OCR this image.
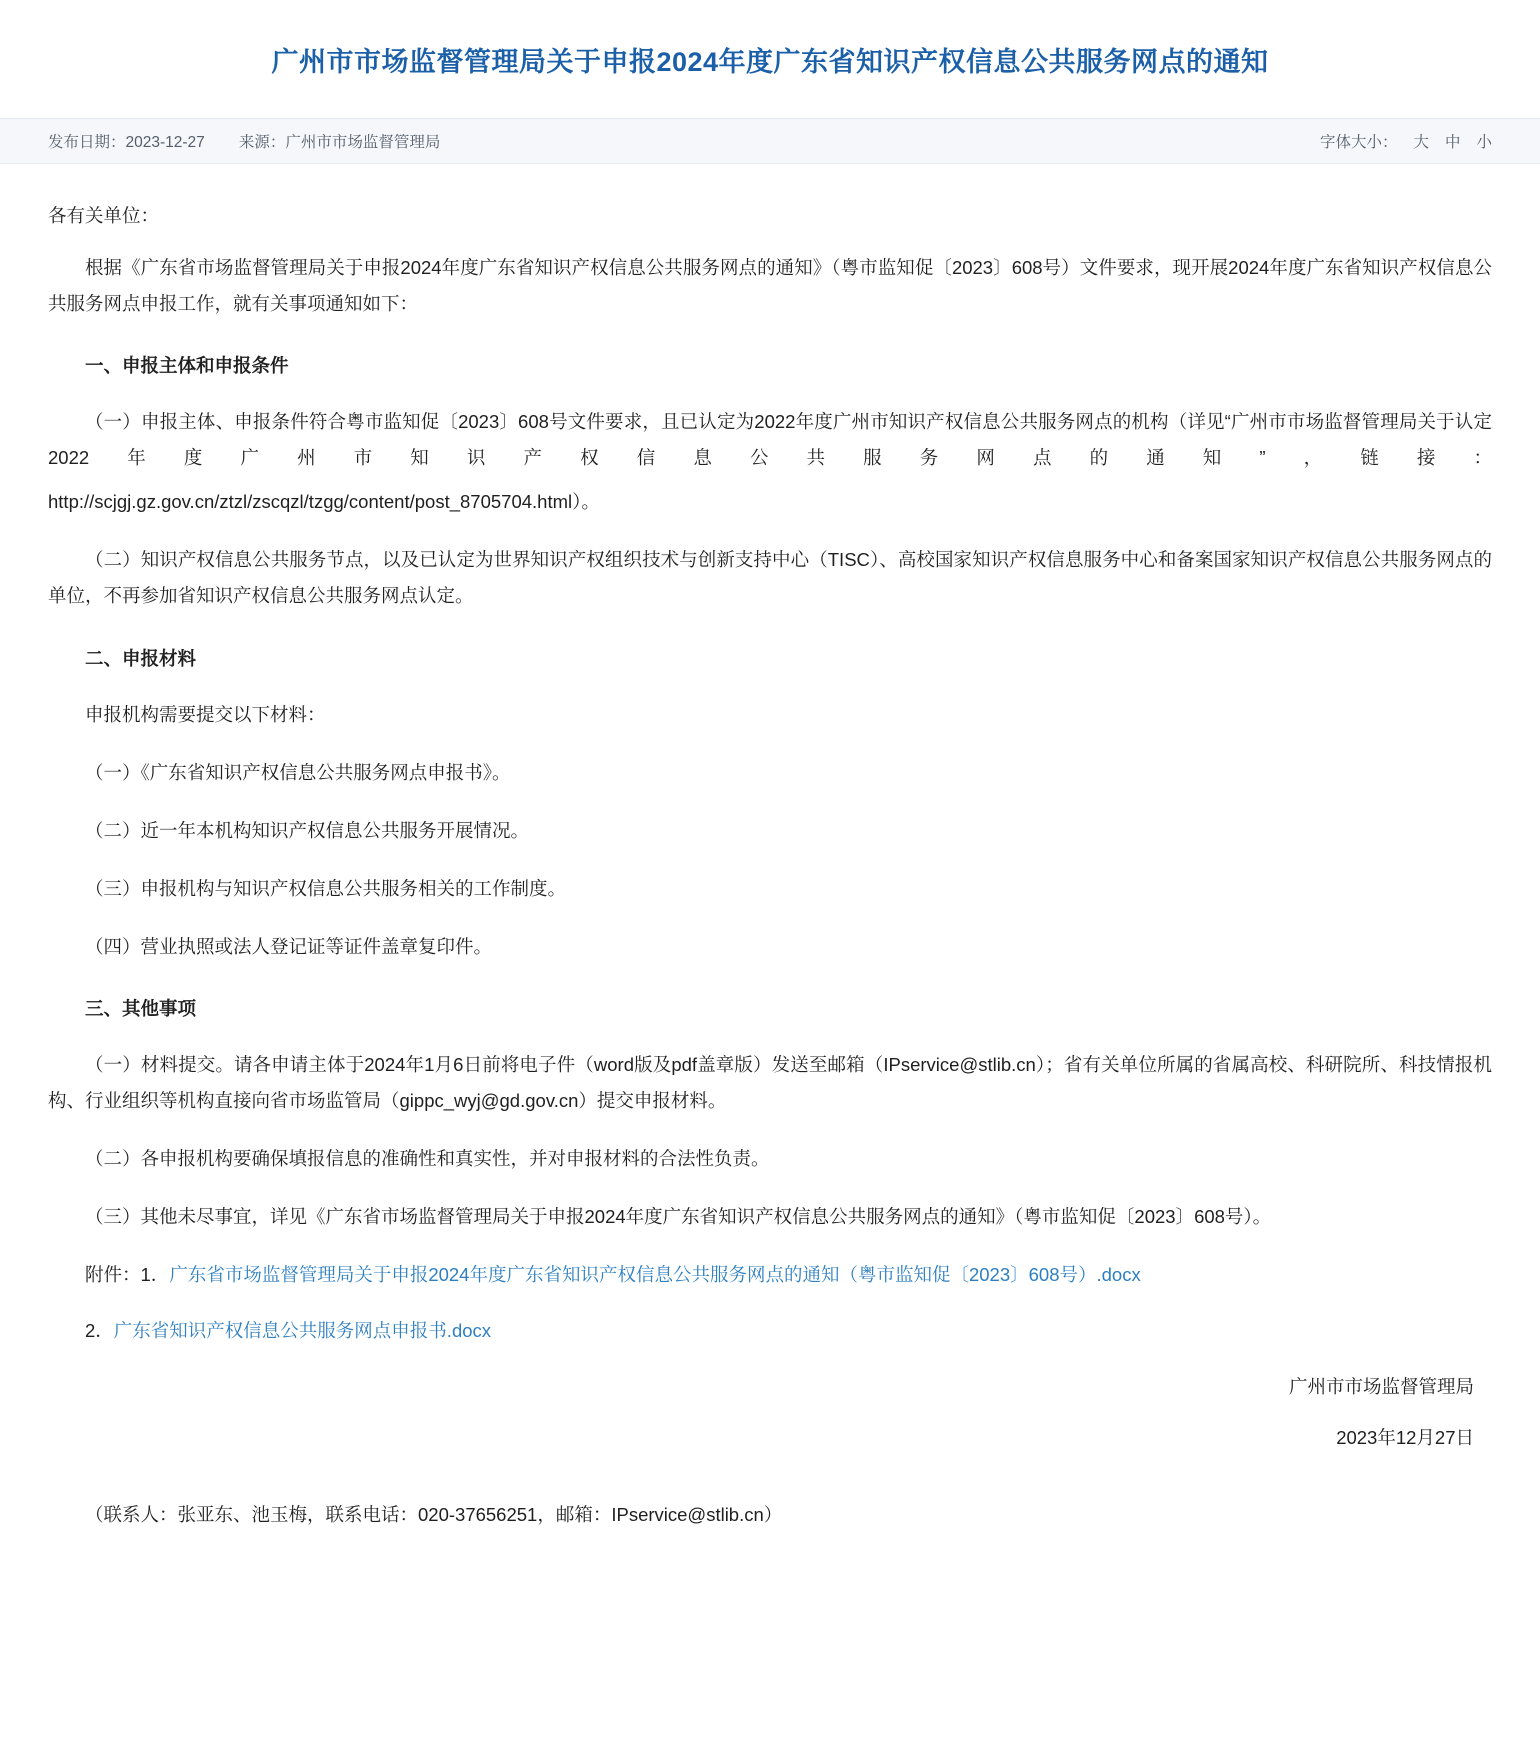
广州市市场监督管理局关于申报2024年度广东省知识产权信息公共服务网点的通知
发布日期：2023-12-27 来源：广州市市场监督管理局	字体大小： 大 中 小

各有关单位：

根据《广东省市场监督管理局关于申报2024年度广东省知识产权信息公共服务网点的通知》（粤市监知促〔2023〕608号）文件要求，现开展2024年度广东省知识产权信息公共服务网点申报工作，就有关事项通知如下：

一、申报主体和申报条件

（一）申报主体、申报条件符合粤市监知促〔2023〕608号文件要求，且已认定为2022年度广州市知识产权信息公共服务网点的机构（详见“广州市市场监督管理局关于认定2022年度广州市知识产权信息公共服务网点的通知”，链接：

http://scjgj.gz.gov.cn/ztzl/zscqzl/tzgg/content/post_8705704.html）。

（二）知识产权信息公共服务节点，以及已认定为世界知识产权组织技术与创新支持中心（TISC）、高校国家知识产权信息服务中心和备案国家知识产权信息公共服务网点的单位，不再参加省知识产权信息公共服务网点认定。

二、申报材料

申报机构需要提交以下材料：

（一）《广东省知识产权信息公共服务网点申报书》。

（二）近一年本机构知识产权信息公共服务开展情况。

（三）申报机构与知识产权信息公共服务相关的工作制度。

（四）营业执照或法人登记证等证件盖章复印件。

三、其他事项

（一）材料提交。请各申请主体于2024年1月6日前将电子件（word版及pdf盖章版）发送至邮箱（IPservice@stlib.cn）；省有关单位所属的省属高校、科研院所、科技情报机构、行业组织等机构直接向省市场监管局（gippc_wyj@gd.gov.cn）提交申报材料。

（二）各申报机构要确保填报信息的准确性和真实性，并对申报材料的合法性负责。

（三）其他未尽事宜，详见《广东省市场监督管理局关于申报2024年度广东省知识产权信息公共服务网点的通知》（粤市监知促〔2023〕608号）。

附件：1．广东省市场监督管理局关于申报2024年度广东省知识产权信息公共服务网点的通知（粤市监知促〔2023〕608号）.docx

2．广东省知识产权信息公共服务网点申报书.docx

广州市市场监督管理局

2023年12月27日

（联系人：张亚东、池玉梅，联系电话：020-37656251，邮箱：IPservice@stlib.cn）
